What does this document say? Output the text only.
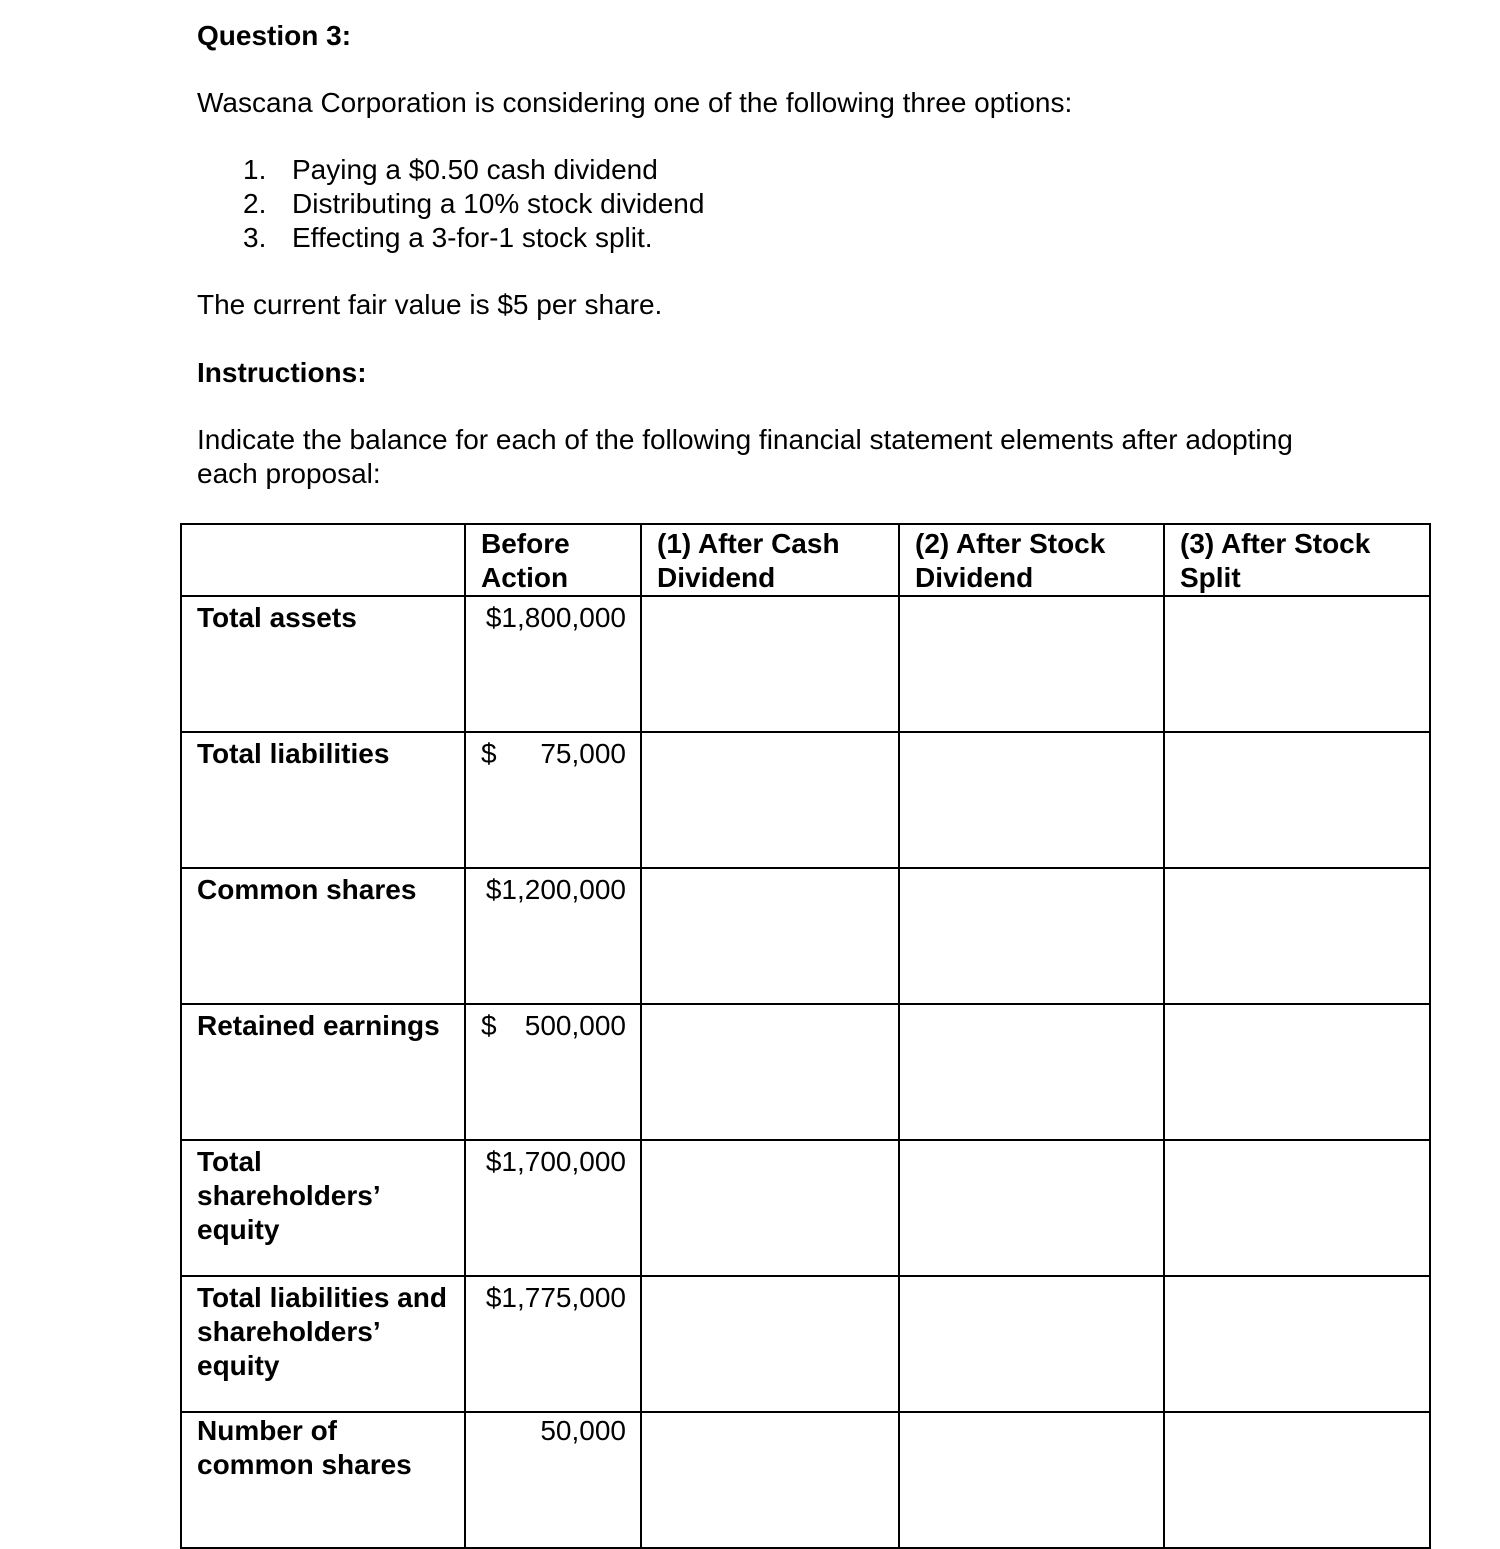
Question 3:
Wascana Corporation is considering one of the following three options:
1. Paying a $0.50 cash dividend
2. Distributing a 10% stock dividend
3. Effecting a 3-for-1 stock split.
The current fair value is $5 per share.
Instructions:
Indicate the balance for each of the following financial statement elements after adopting
each proposal:
	Before Action	(1) After Cash Dividend	(2) After Stock Dividend	(3) After Stock Split
Total assets	$1,800,000			
Total liabilities	$ 75,000			

Common shares	$1,200,000			
Retained earnings	$ 500,000			

Total shareholders’ equity	$1,700,000			
Total liabilities and shareholders’ equity	$1,775,000			
Number of common shares	50,000			
